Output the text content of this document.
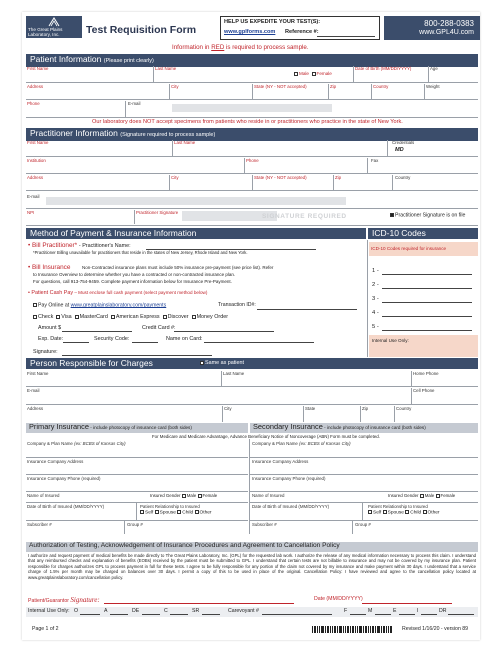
The Great Plains
Laboratory, Inc.	Test Requisition Form
HELP US EXPEDITE YOUR TEST(S):
www.gplforms.com Reference #:
800-288-0383
www.GPL4U.com
Information in RED is required to process sample.
Patient Information (Please print clearly)
First Name	Last Name
Male Female
Date of Birth (MM/DD/YYYY)	Age
Address	City	State (NY - NOT accepted)	Zip	Country	Weight
Phone	E-mail
Our laboratory does NOT accept specimens from patients who reside in or practitioners who practice in the state of New York.
Practitioner Information (Signature required to process sample)
First Name	Last Name	Credentials
MD
Institution	Phone	Fax
Address	City	State (NY - NOT accepted)	Zip	Country
E-mail
NPI	Practitioner Signature
SIGNATURE REQUIRED	Practitioner Signature is on file
Method of Payment & Insurance Information	ICD-10 Codes
• Bill Practitioner* - Practitioner's Name:
*Practitioner Billing unavailable for practitioners that reside in the states of New Jersey, Rhode Island and New York.
• Bill Insurance	Non-Contracted insurance plans must include 50% insurance pre-payment (see price list). Refer
to Insurance Overview to determine whether you have a contracted or non-contracted insurance plan.
For questions, call 913-754-9459. Complete payment information below for Insurance Pre-Payment.
• Patient Cash Pay – Must enclose full cash payment (select payment method below)
Pay Online at www.greatplainslaboratory.com/payments	Transaction ID#:
Check Visa MasterCard American Express Discover Money Order
Amount $	Credit Card #:
Exp. Date:	Security Code:	Name on Card:
Signature:
ICD-10 Codes required for insurance
1 -
2 -
3 -
4 -
5 -
Internal Use Only:
Person Responsible for Charges	Same as patient
First Name	Last Name	Home Phone
E-mail	Cell Phone
Address	City	State	Zip	Country
Primary Insurance - include photocopy of insurance card (both sides)	Secondary Insurance - include photocopy of insurance card (both sides)
For Medicare and Medicare Advantage, Advance Beneficiary Notice of Noncoverage (ABN) Form must be completed.
Company & Plan Name (ex: BCBS of Kansas City)
Insurance Company Address
Insurance Company Phone (required)
Name of Insured	Insured Gender Male Female
Date of Birth of Insured (MM/DD/YYYY)	Patient Relationship to Insured
Self Spouse Child Other
Subscriber #	Group #
Company & Plan Name (ex: BCBS of Kansas City)
Insurance Company Address
Insurance Company Phone (required)
Name of Insured	Insured Gender Male Female
Date of Birth of Insured (MM/DD/YYYY)	Patient Relationship to Insured
Self Spouse Child Other
Subscriber #	Group #
Authorization of Testing, Acknowledgement of Insurance Procedures and Agreement to Cancellation Policy
I authorize and request payment of medical benefits be made directly to The Great Plains Laboratory, Inc. (GPL) for the requested lab work. I authorize the release of any medical information necessary to process this claim. I understand that any reimbursed checks and explanation of benefits (EOBs) received by the patient must be submitted to GPL. I understand that certain tests are not billable to insurance and may not be covered by my insurance plan. Patient responsible for charges authorizes GPL to process payment in full for these tests. I agree to be fully responsible for any portion of the claim not covered by my insurance and make payment within 30 days. I understand that a service charge of 1.5% per month may be charged on balances over 30 days. I permit a copy of this to be used in place of the original. Cancellation Policy: I have reviewed and agree to the cancellation policy located at www.greatplainslaboratory.com/cancellation policy.
Patient/Guarantor Signature:	Date (MM/DD/YYYY)
Internal Use Only: O	A	DE	C	SR	Carevoyant #	F	M	E	I	DR
Page 1 of 2	Revised 1/16/20 - version 89
